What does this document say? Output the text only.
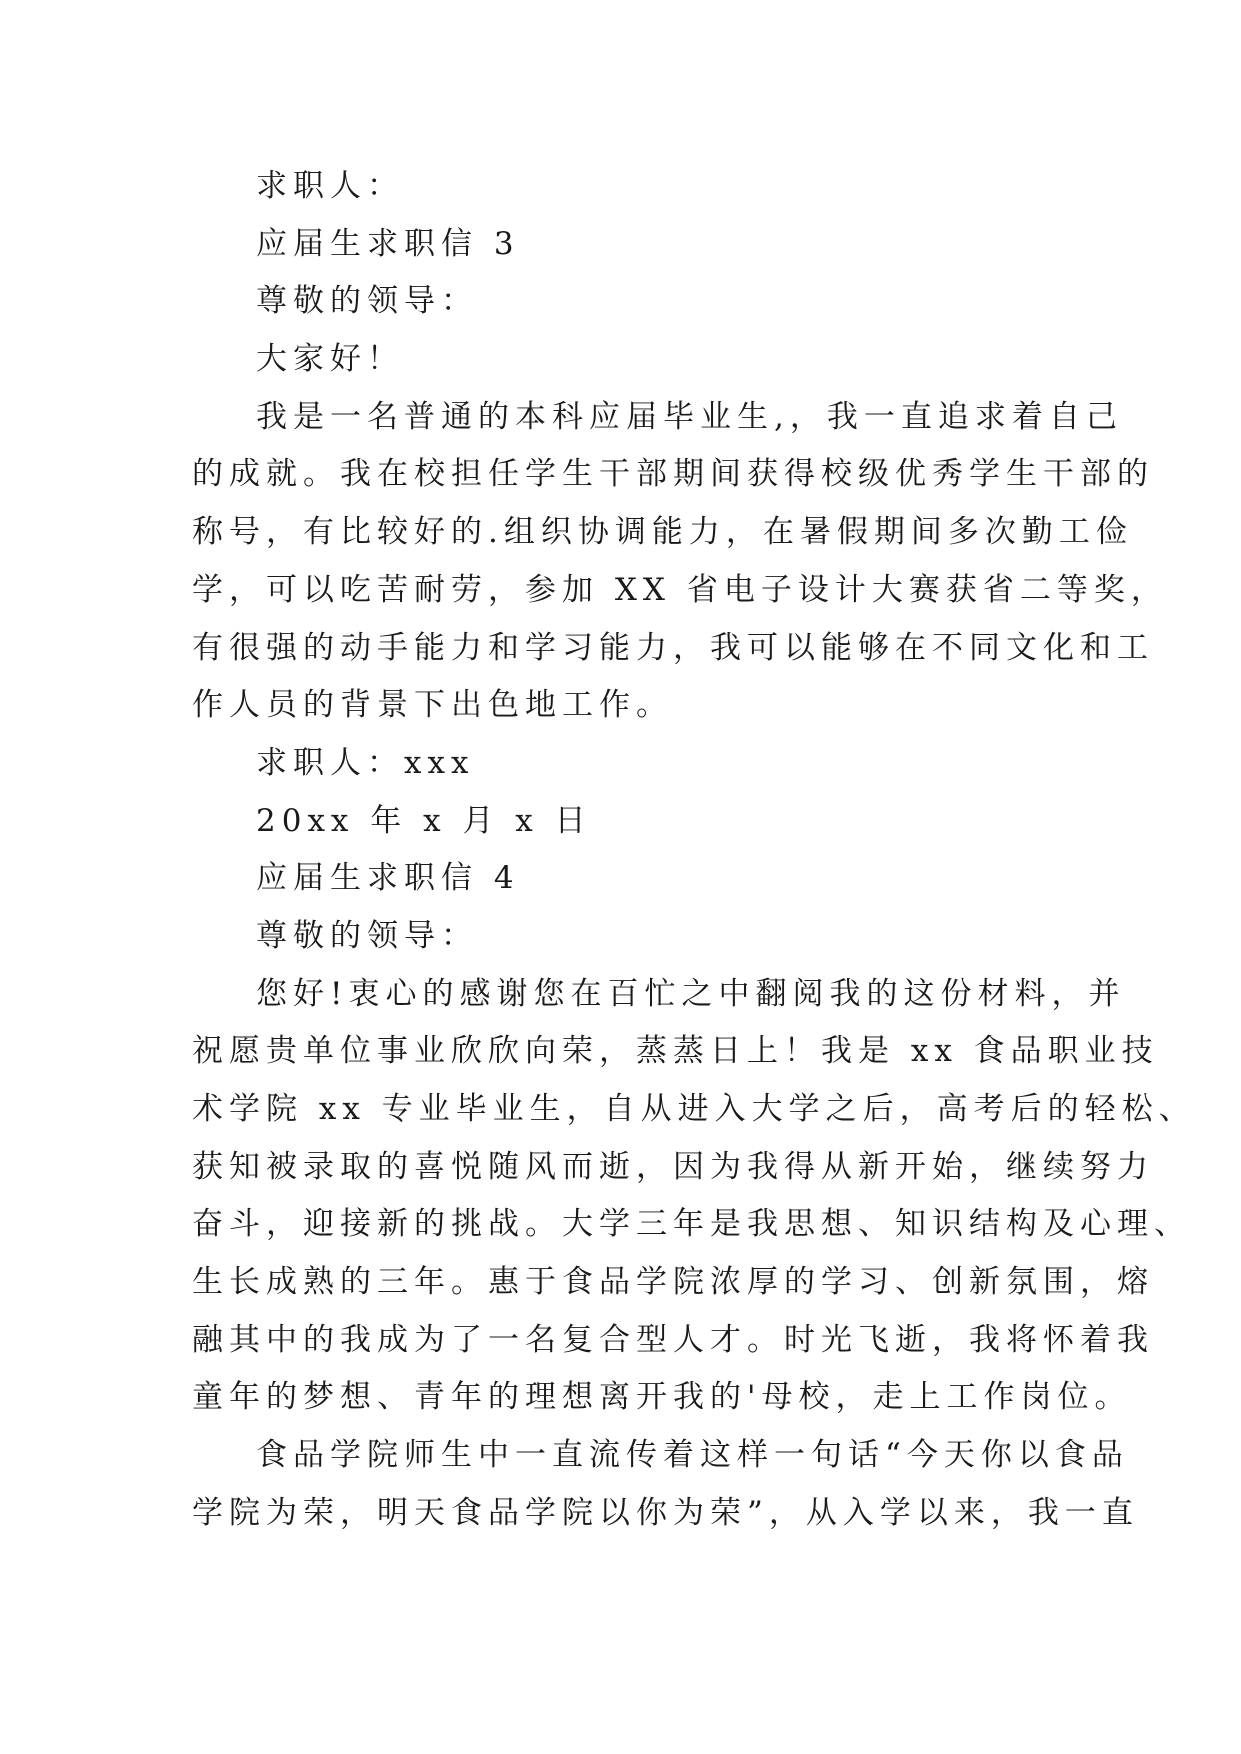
求职人：
应届生求职信 3
尊敬的领导：
大家好！
我是一名普通的本科应届毕业生,，我一直追求着自己
的成就。我在校担任学生干部期间获得校级优秀学生干部的
称号，有比较好的.组织协调能力，在暑假期间多次勤工俭
学，可以吃苦耐劳，参加 XX 省电子设计大赛获省二等奖，
有很强的动手能力和学习能力，我可以能够在不同文化和工
作人员的背景下出色地工作。
求职人：xxx
20xx 年 x 月 x 日
应届生求职信 4
尊敬的领导：
您好!衷心的感谢您在百忙之中翻阅我的这份材料，并
祝愿贵单位事业欣欣向荣，蒸蒸日上！我是 xx 食品职业技
术学院 xx 专业毕业生，自从进入大学之后，高考后的轻松、
获知被录取的喜悦随风而逝，因为我得从新开始，继续努力
奋斗，迎接新的挑战。大学三年是我思想、知识结构及心理、
生长成熟的三年。惠于食品学院浓厚的学习、创新氛围，熔
融其中的我成为了一名复合型人才。时光飞逝，我将怀着我
童年的梦想、青年的理想离开我的'母校，走上工作岗位。
食品学院师生中一直流传着这样一句话“今天你以食品
学院为荣，明天食品学院以你为荣”，从入学以来，我一直
